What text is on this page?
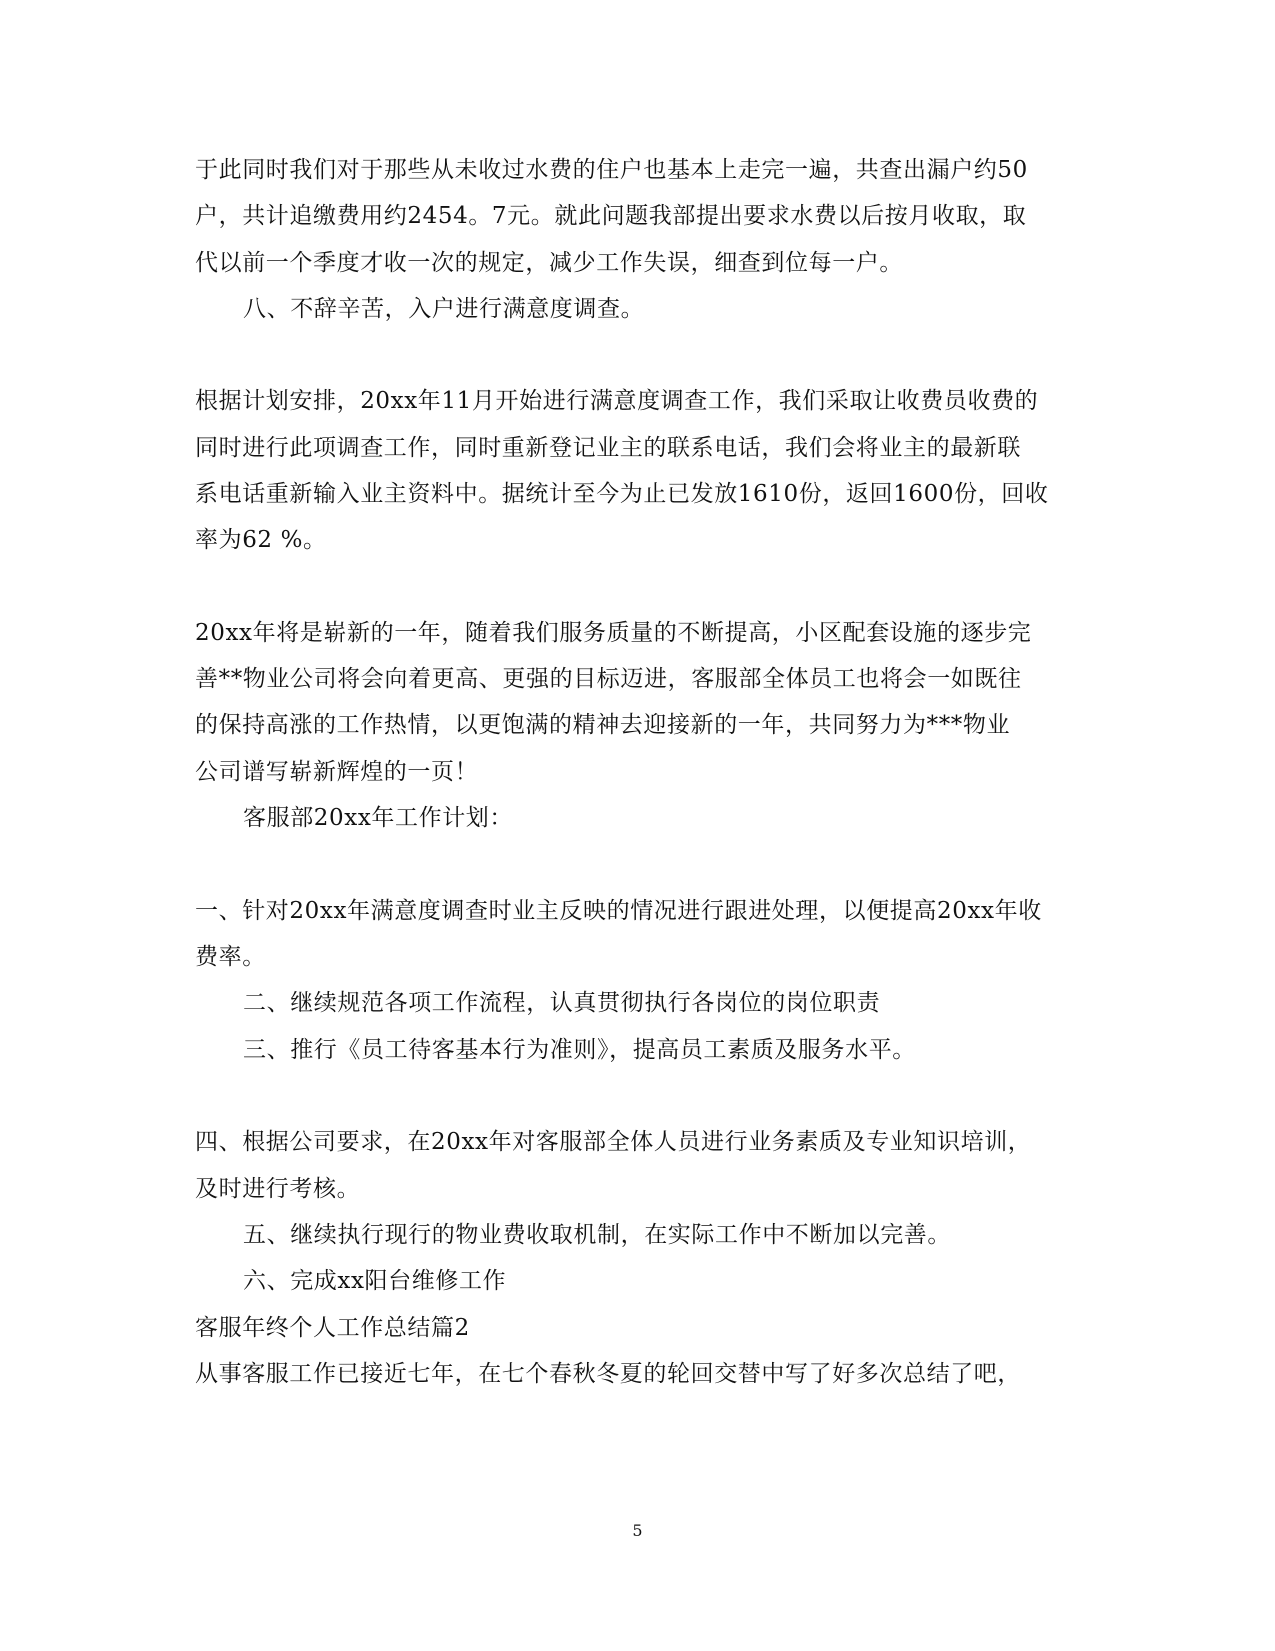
于此同时我们对于那些从未收过水费的住户也基本上走完一遍，共查出漏户约50
户，共计追缴费用约2454。7元。就此问题我部提出要求水费以后按月收取，取
代以前一个季度才收一次的规定，减少工作失误，细查到位每一户。
八、不辞辛苦，入户进行满意度调查。
根据计划安排，20xx年11月开始进行满意度调查工作，我们采取让收费员收费的
同时进行此项调查工作，同时重新登记业主的联系电话，我们会将业主的最新联
系电话重新输入业主资料中。据统计至今为止已发放1610份，返回1600份，回收
率为62 %。
20xx年将是崭新的一年，随着我们服务质量的不断提高，小区配套设施的逐步完
善**物业公司将会向着更高、更强的目标迈进，客服部全体员工也将会一如既往
的保持高涨的工作热情，以更饱满的精神去迎接新的一年，共同努力为***物业
公司谱写崭新辉煌的一页！
客服部20xx年工作计划：
一、针对20xx年满意度调查时业主反映的情况进行跟进处理，以便提高20xx年收
费率。
二、继续规范各项工作流程，认真贯彻执行各岗位的岗位职责
三、推行《员工待客基本行为准则》，提高员工素质及服务水平。
四、根据公司要求，在20xx年对客服部全体人员进行业务素质及专业知识培训，
及时进行考核。
五、继续执行现行的物业费收取机制，在实际工作中不断加以完善。
六、完成xx阳台维修工作
客服年终个人工作总结篇2
从事客服工作已接近七年，在七个春秋冬夏的轮回交替中写了好多次总结了吧，
5
